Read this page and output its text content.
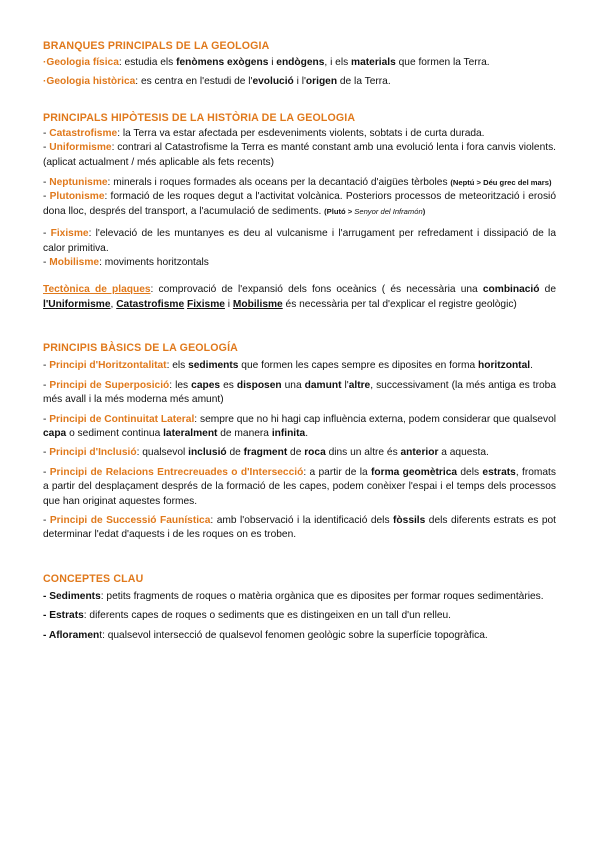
BRANQUES PRINCIPALS DE LA GEOLOGIA

·Geologia física: estudia els fenòmens exògens i endògens, i els materials que formen la Terra.

·Geologia històrica: es centra en l'estudi de l'evolució i l'origen de la Terra.

PRINCIPALS HIPÒTESIS DE LA HISTÒRIA DE LA GEOLOGIA

- Catastrofisme: la Terra va estar afectada per esdeveniments violents, sobtats i de curta durada.

- Uniformisme: contrari al Catastrofisme la Terra es manté constant amb una evolució lenta i fora canvis violents. (aplicat actualment / més aplicable als fets recents)

- Neptunisme: minerals i roques formades als oceans per la decantació d'aigües tèrboles (Neptú > Déu grec del mars)

- Plutonisme: formació de les roques degut a l'activitat volcànica. Posteriors processos de meteorització i erosió dona lloc, després del transport, a l'acumulació de sediments. (Plutó > Senyor del Inframón)

- Fixisme: l'elevació de les muntanyes es deu al vulcanisme i l'arrugament per refredament i dissipació de la calor primitiva.

- Mobilisme: moviments horitzontals

Tectònica de plaques: comprovació de l'expansió dels fons oceànics ( és necessària una combinació de l'Uniformisme, Catastrofisme Fixisme i Mobilisme és necessària per tal d'explicar el registre geològic)

PRINCIPIS BÀSICS DE LA GEOLOGÍA

- Principi d'Horitzontalitat: els sediments que formen les capes sempre es diposites en forma horitzontal.

- Principi de Superposició: les capes es disposen una damunt l'altre, successivament (la més antiga es troba més avall i la més moderna més amunt)

- Principi de Continuitat Lateral: sempre que no hi hagi cap influència externa, podem considerar que qualsevol capa o sediment continua lateralment de manera infinita.

- Principi d'Inclusió: qualsevol inclusió de fragment de roca dins un altre és anterior a aquesta.

- Principi de Relacions Entrecreuades o d'Intersecció: a partir de la forma geomètrica dels estrats, fromats a partir del desplaçament després de la formació de les capes, podem conèixer l'espai i el temps dels processos que han originat aquestes formes.

- Principi de Successió Faunística: amb l'observació i la identificació dels fòssils dels diferents estrats es pot determinar l'edat d'aquests i de les roques on es troben.

CONCEPTES CLAU

- Sediments: petits fragments de roques o matèria orgànica que es diposites per formar roques sedimentàries.

- Estrats: diferents capes de roques o sediments que es distingeixen en un tall d'un relleu.

- Aflorament: qualsevol intersecció de qualsevol fenomen geològic sobre la superfície topogràfica.
